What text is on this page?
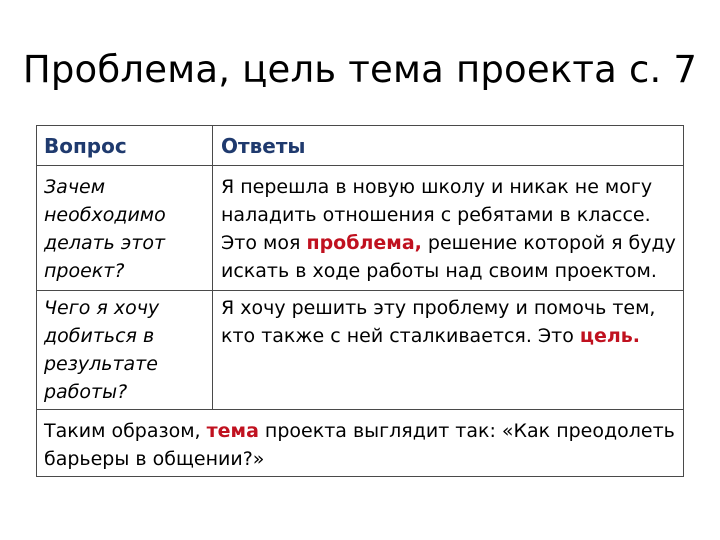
Проблема, цель тема проекта с. 7
Вопрос	Ответы
Зачем
необходимо
делать этот
проект?
Я перешла в новую школу и никак не могу
наладить отношения с ребятами в классе.
Это моя проблема, решение которой я буду
искать в ходе работы над своим проектом.
Чего я хочу
добиться в
результате
работы?
Я хочу решить эту проблему и помочь тем,
кто также с ней сталкивается. Это цель.
Таким образом, тема проекта выглядит так: «Как преодолеть
барьеры в общении?»
